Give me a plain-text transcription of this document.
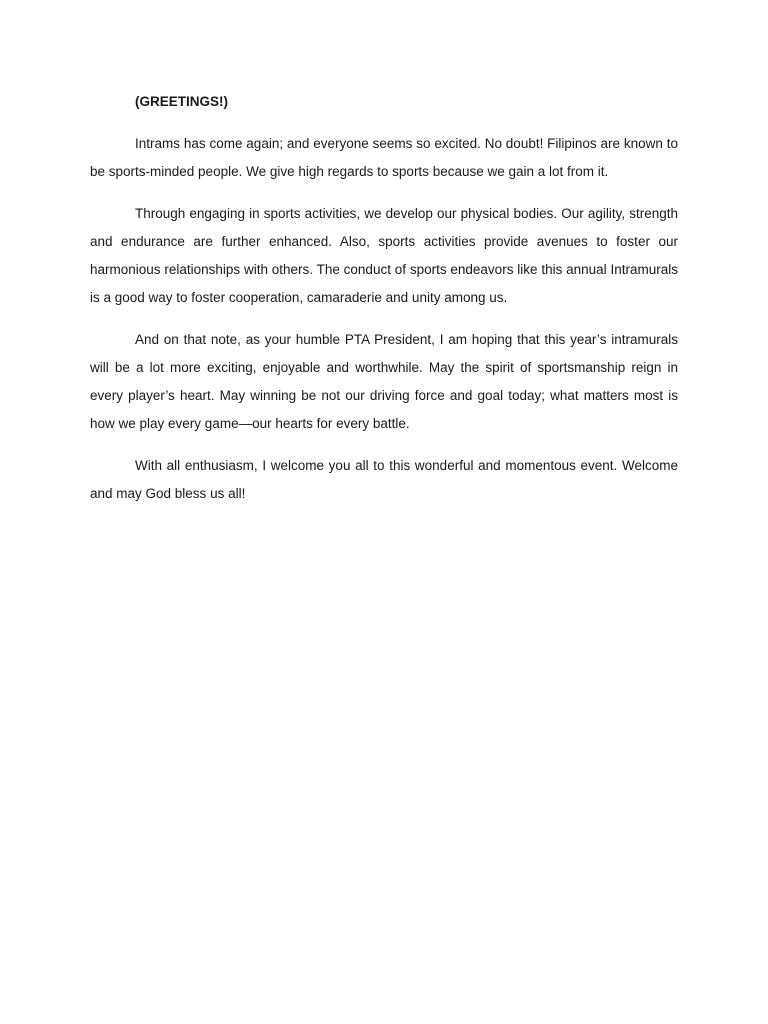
(GREETINGS!)

Intrams has come again; and everyone seems so excited. No doubt! Filipinos are known to be sports-minded people. We give high regards to sports because we gain a lot from it.

Through engaging in sports activities, we develop our physical bodies. Our agility, strength and endurance are further enhanced. Also, sports activities provide avenues to foster our harmonious relationships with others. The conduct of sports endeavors like this annual Intramurals is a good way to foster cooperation, camaraderie and unity among us.

And on that note, as your humble PTA President, I am hoping that this year’s intramurals will be a lot more exciting, enjoyable and worthwhile. May the spirit of sportsmanship reign in every player’s heart. May winning be not our driving force and goal today; what matters most is how we play every game—our hearts for every battle.

With all enthusiasm, I welcome you all to this wonderful and momentous event. Welcome and may God bless us all!
